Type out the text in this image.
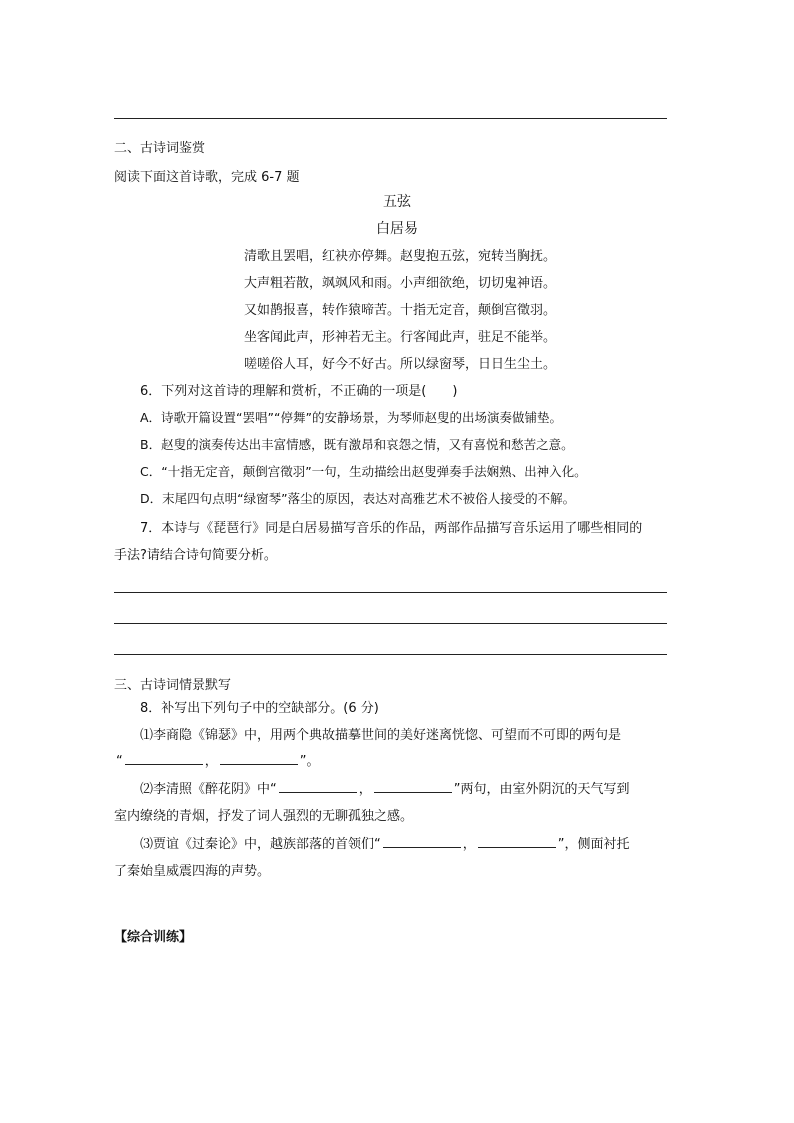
二、古诗词鉴赏
阅读下面这首诗歌，完成 6-7 题
五弦
白居易
清歌且罢唱，红袂亦停舞。赵叟抱五弦，宛转当胸抚。
大声粗若散，飒飒风和雨。小声细欲绝，切切鬼神语。
又如鹊报喜，转作猿啼苦。十指无定音，颠倒宫徵羽。
坐客闻此声，形神若无主。行客闻此声，驻足不能举。
嗟嗟俗人耳，好今不好古。所以绿窗琴，日日生尘土。
6．下列对这首诗的理解和赏析，不正确的一项是(　　)
A．诗歌开篇设置“罢唱”“停舞”的安静场景，为琴师赵叟的出场演奏做铺垫。
B．赵叟的演奏传达出丰富情感，既有激昂和哀怨之情，又有喜悦和愁苦之意。
C．“十指无定音，颠倒宫徵羽”一句，生动描绘出赵叟弹奏手法娴熟、出神入化。
D．末尾四句点明“绿窗琴”落尘的原因，表达对高雅艺术不被俗人接受的不解。
7．本诗与《琵琶行》同是白居易描写音乐的作品，两部作品描写音乐运用了哪些相同的
手法?请结合诗句简要分析。
三、古诗词情景默写
8．补写出下列句子中的空缺部分。(6 分)
⑴李商隐《锦瑟》中，用两个典故描摹世间的美好迷离恍惚、可望而不可即的两句是
“	，	”。
⑵李清照《醉花阴》中“	，	”两句，由室外阴沉的天气写到
室内缭绕的青烟，抒发了词人强烈的无聊孤独之感。
⑶贾谊《过秦论》中，越族部落的首领们“	，	”，侧面衬托
了秦始皇威震四海的声势。
【综合训练】
